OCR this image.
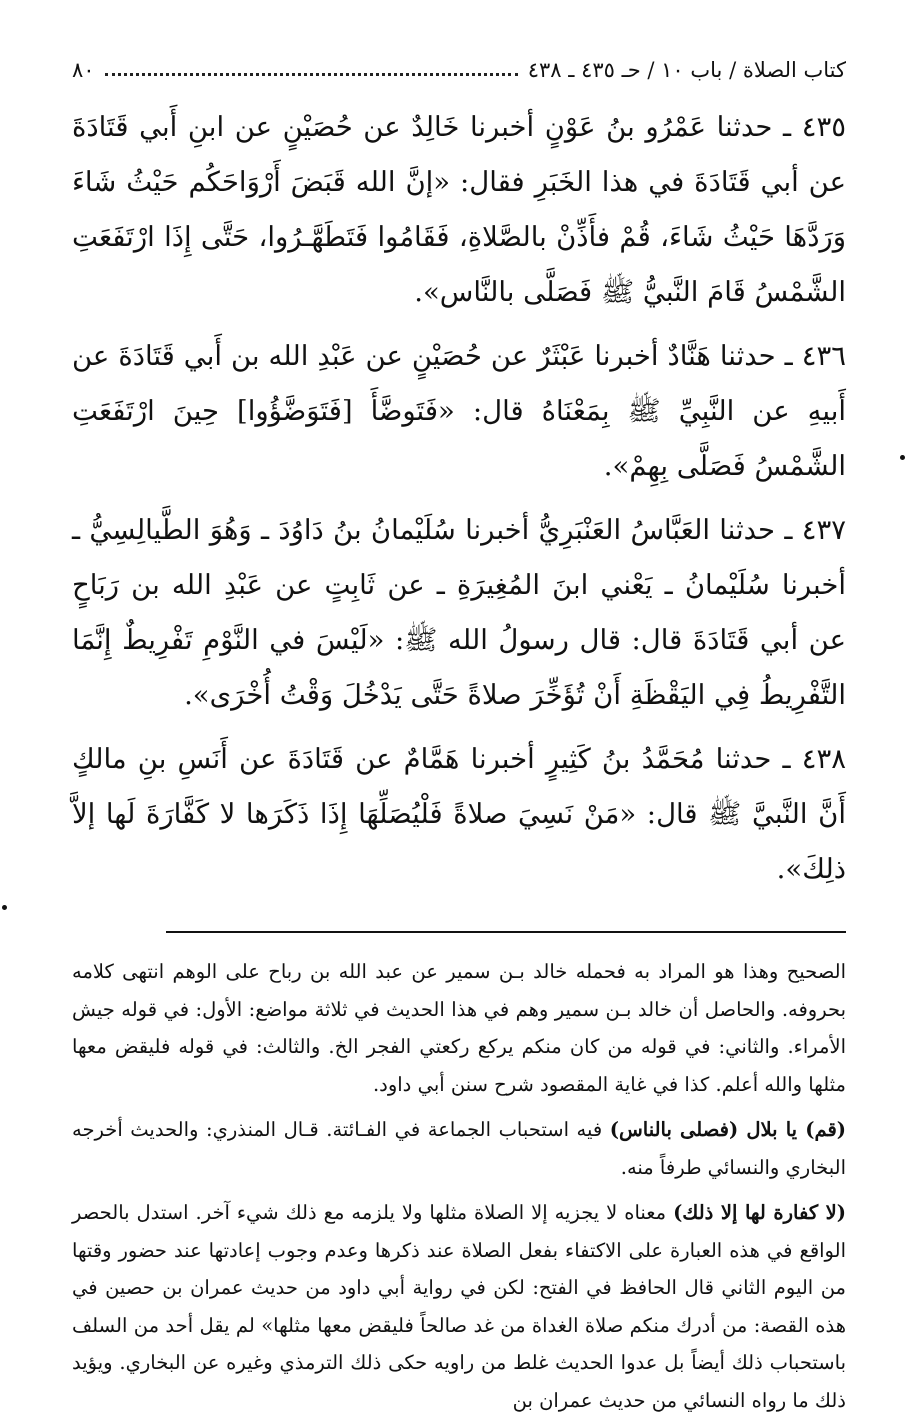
كتاب الصلاة / باب ١٠ / حـ ٤٣٥ ـ ٤٣٨
٨٠

٤٣٥ ـ حدثنا عَمْرُو بنُ عَوْنٍ أخبرنا خَالِدٌ عن حُصَيْنٍ عن ابنِ أَبي قَتَادَةَ عن أبي قَتَادَةَ في هذا الخَبَرِ فقال: «إنَّ الله قَبَضَ أَرْوَاحَكُم حَيْثُ شَاءَ وَرَدَّهَا حَيْثُ شَاءَ، قُمْ فأَذِّنْ بالصَّلاةِ، فَقَامُوا فَتَطَهَّـرُوا، حَتَّى إِذَا ارْتَفَعَتِ الشَّمْسُ قَامَ النَّبيُّ ﷺ فَصَلَّى بالنَّاس».

٤٣٦ ـ حدثنا هَنَّادٌ أخبرنا عَبْثَرٌ عن حُصَيْنٍ عن عَبْدِ الله بن أَبي قَتَادَةَ عن أَبيهِ عن النَّبِيِّ ﷺ بِمَعْنَاهُ قال: «فَتَوضَّأَ [فَتَوَضَّؤُوا] حِينَ ارْتَفَعَتِ الشَّمْسُ فَصَلَّى بِهِمْ».

٤٣٧ ـ حدثنا العَبَّاسُ العَنْبَرِيُّ أخبرنا سُلَيْمانُ بنُ دَاوُدَ ـ وَهُوَ الطَّيالِسِيُّ ـ أخبرنا سُلَيْمانُ ـ يَعْني ابنَ المُغِيرَةِ ـ عن ثَابِتٍ عن عَبْدِ الله بن رَبَاحٍ عن أبي قَتَادَةَ قال: قال رسولُ الله ﷺ: «لَيْسَ في النَّوْمِ تَفْرِيطٌ إِنَّمَا التَّفْرِيطُ فِي اليَقْظَةِ أَنْ تُؤَخِّرَ صلاةً حَتَّى يَدْخُلَ وَقْتُ أُخْرَى».

٤٣٨ ـ حدثنا مُحَمَّدُ بنُ كَثِيرٍ أخبرنا هَمَّامٌ عن قَتَادَةَ عن أَنَسِ بنِ مالكٍ أَنَّ النَّبيَّ ﷺ قال: «مَنْ نَسِيَ صلاةً فَلْيُصَلِّهَا إِذَا ذَكَرَها لا كَفَّارَةَ لَها إلاَّ ذلِكَ».

الصحيح وهذا هو المراد به فحمله خالد بـن سمير عن عبد الله بن رباح على الوهم انتهى كلامه بحروفه. والحاصل أن خالد بـن سمير وهم في هذا الحديث في ثلاثة مواضع: الأول: في قوله جيش الأمراء. والثاني: في قوله من كان منكم يركع ركعتي الفجر الخ. والثالث: في قوله فليقض معها مثلها والله أعلم. كذا في غاية المقصود شرح سنن أبي داود.

(قم) يا بلال (فصلى بالناس) فيه استحباب الجماعة في الفـائتة. قـال المنذري: والحديث أخرجه البخاري والنسائي طرفاً منه.

(لا كفارة لها إلا ذلك) معناه لا يجزيه إلا الصلاة مثلها ولا يلزمه مع ذلك شيء آخر. استدل بالحصر الواقع في هذه العبارة على الاكتفاء بفعل الصلاة عند ذكرها وعدم وجوب إعادتها عند حضور وقتها من اليوم الثاني قال الحافظ في الفتح: لكن في رواية أبي داود من حديث عمران بن حصين في هذه القصة: من أدرك منكم صلاة الغداة من غد صالحاً فليقض معها مثلها» لم يقل أحد من السلف باستحباب ذلك أيضاً بل عدوا الحديث غلط من راويه حكى ذلك الترمذي وغيره عن البخاري. ويؤيد ذلك ما رواه النسائي من حديث عمران بن
